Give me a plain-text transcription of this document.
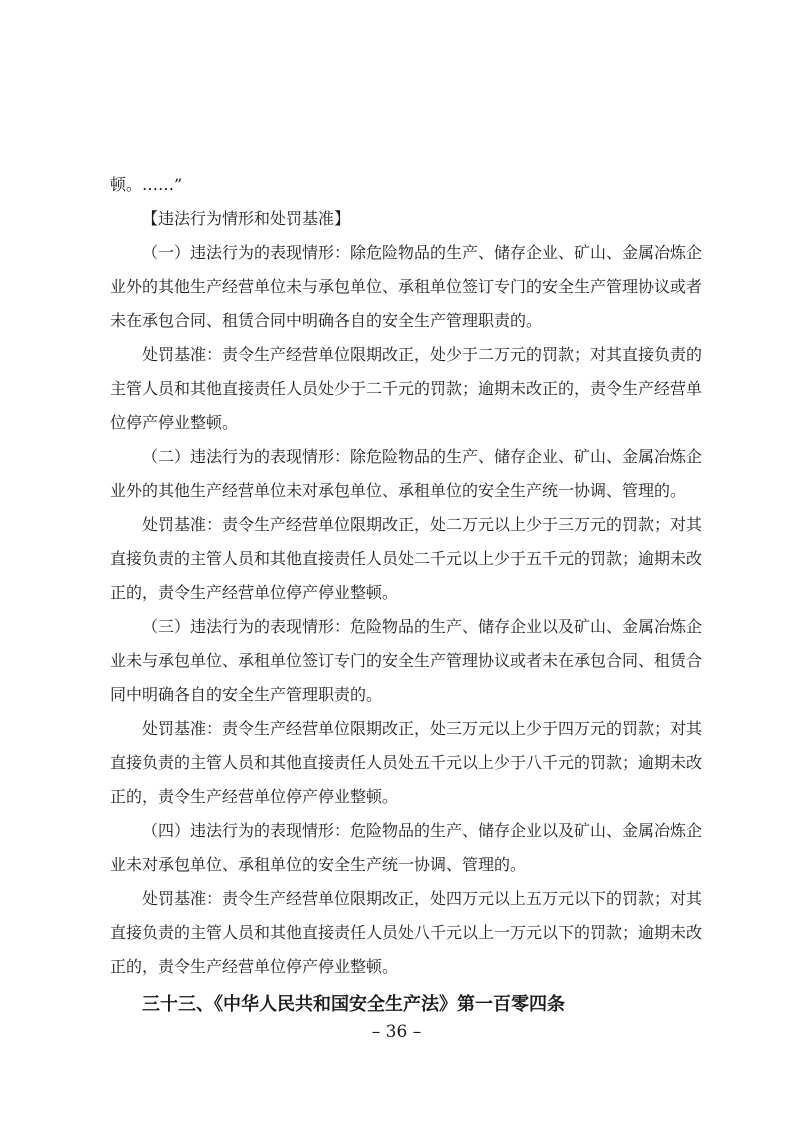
顿。……”
【违法行为情形和处罚基准】
（一）违法行为的表现情形：除危险物品的生产、储存企业、矿山、金属冶炼企
业外的其他生产经营单位未与承包单位、承租单位签订专门的安全生产管理协议或者
未在承包合同、租赁合同中明确各自的安全生产管理职责的。
处罚基准：责令生产经营单位限期改正，处少于二万元的罚款；对其直接负责的
主管人员和其他直接责任人员处少于二千元的罚款；逾期未改正的，责令生产经营单
位停产停业整顿。
（二）违法行为的表现情形：除危险物品的生产、储存企业、矿山、金属冶炼企
业外的其他生产经营单位未对承包单位、承租单位的安全生产统一协调、管理的。
处罚基准：责令生产经营单位限期改正，处二万元以上少于三万元的罚款；对其
直接负责的主管人员和其他直接责任人员处二千元以上少于五千元的罚款；逾期未改
正的，责令生产经营单位停产停业整顿。
（三）违法行为的表现情形：危险物品的生产、储存企业以及矿山、金属冶炼企
业未与承包单位、承租单位签订专门的安全生产管理协议或者未在承包合同、租赁合
同中明确各自的安全生产管理职责的。
处罚基准：责令生产经营单位限期改正，处三万元以上少于四万元的罚款；对其
直接负责的主管人员和其他直接责任人员处五千元以上少于八千元的罚款；逾期未改
正的，责令生产经营单位停产停业整顿。
（四）违法行为的表现情形：危险物品的生产、储存企业以及矿山、金属冶炼企
业未对承包单位、承租单位的安全生产统一协调、管理的。
处罚基准：责令生产经营单位限期改正，处四万元以上五万元以下的罚款；对其
直接负责的主管人员和其他直接责任人员处八千元以上一万元以下的罚款；逾期未改
正的，责令生产经营单位停产停业整顿。
三十三、《中华人民共和国安全生产法》第一百零四条
– 36 –
